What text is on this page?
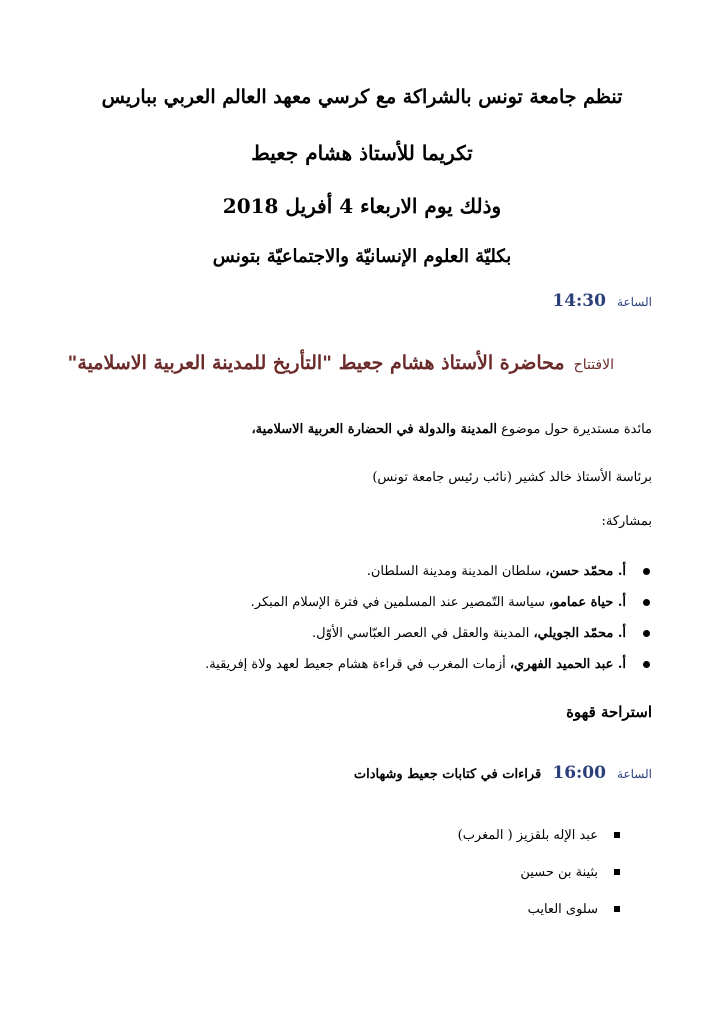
تنظم جامعة تونس بالشراكة مع كرسي معهد العالم العربي بباريس
تكريما للأستاذ هشام جعيط
وذلك يوم الاربعاء 4 أفريل 2018
بكليّة العلوم الإنسانيّة والاجتماعيّة بتونس
الساعة 14:30
الافتتاح محاضرة الأستاذ هشام جعيط "التأريخ للمدينة العربية الاسلامية"
مائدة مستديرة حول موضوع المدينة والدولة في الحضارة العربية الاسلامية،
برئاسة الأستاذ خالد كشير (نائب رئيس جامعة تونس)
بمشاركة:
أ. محمّد حسن، سلطان المدينة ومدينة السلطان.
أ. حياة عمامو، سياسة التّمصير عند المسلمين في فترة الإسلام المبكر.
أ. محمّد الجويلي، المدينة والعقل في العصر العبّاسي الأوّل.
أ. عبد الحميد الفهري، أزمات المغرب في قراءة هشام جعيط لعهد ولاة إفريقية.
استراحة قهوة
الساعة 16:00 قراءات في كتابات جعيط وشهادات
عبد الإله بلقزيز ( المغرب)
بثينة بن حسين
سلوى العايب
